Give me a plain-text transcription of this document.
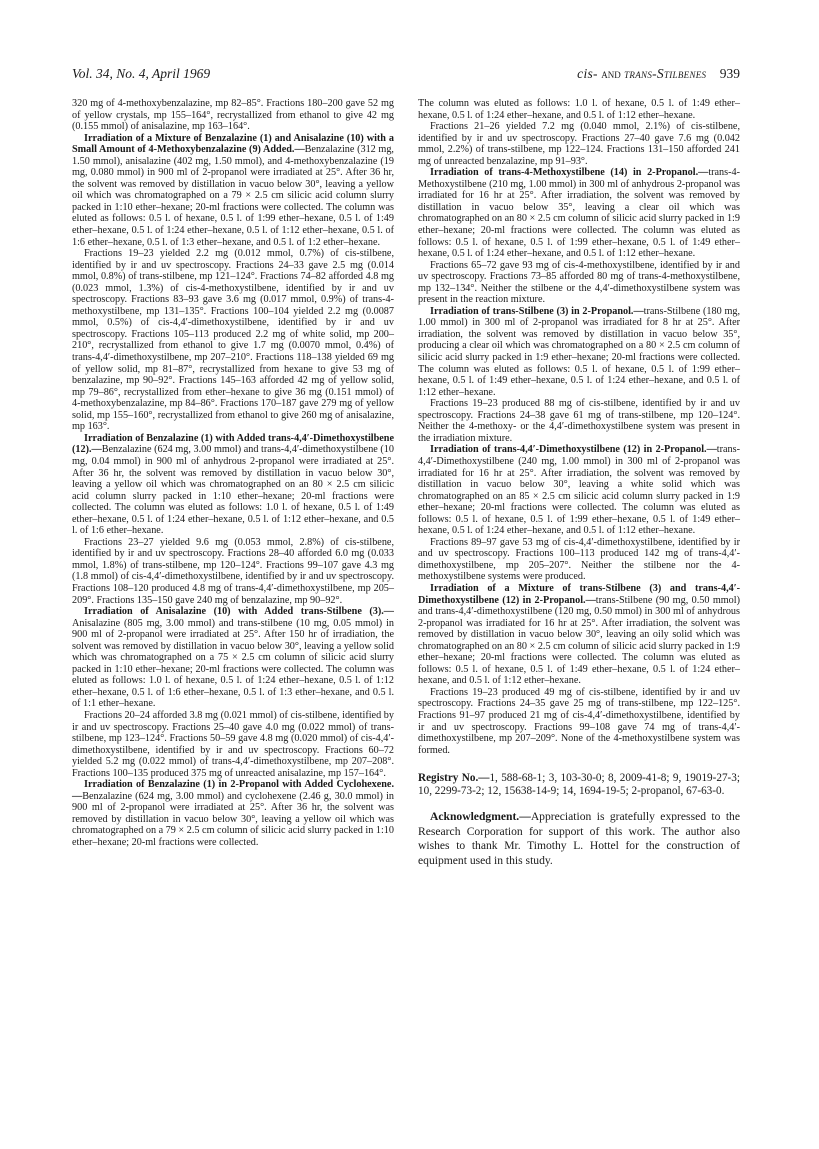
Vol. 34, No. 4, April 1969	cis- and trans-Stilbenes 939

320 mg of 4-methoxybenzalazine, mp 82–85°. Fractions 180–200 gave 52 mg of yellow crystals, mp 155–164°, recrystallized from ethanol to give 42 mg (0.155 mmol) of anisalazine, mp 163–164°.

Irradiation of a Mixture of Benzalazine (1) and Anisalazine (10) with a Small Amount of 4-Methoxybenzalazine (9) Added.—Benzalazine (312 mg, 1.50 mmol), anisalazine (402 mg, 1.50 mmol), and 4-methoxybenzalazine (19 mg, 0.080 mmol) in 900 ml of 2-propanol were irradiated at 25°. After 36 hr, the solvent was removed by distillation in vacuo below 30°, leaving a yellow oil which was chromatographed on a 79 × 2.5 cm silicic acid column slurry packed in 1:10 ether–hexane; 20-ml fractions were collected. The column was eluted as follows: 0.5 l. of hexane, 0.5 l. of 1:99 ether–hexane, 0.5 l. of 1:49 ether–hexane, 0.5 l. of 1:24 ether–hexane, 0.5 l. of 1:12 ether–hexane, 0.5 l. of 1:6 ether–hexane, 0.5 l. of 1:3 ether–hexane, and 0.5 l. of 1:2 ether–hexane.

Fractions 19–23 yielded 2.2 mg (0.012 mmol, 0.7%) of cis-stilbene, identified by ir and uv spectroscopy. Fractions 24–33 gave 2.5 mg (0.014 mmol, 0.8%) of trans-stilbene, mp 121–124°. Fractions 74–82 afforded 4.8 mg (0.023 mmol, 1.3%) of cis-4-methoxystilbene, identified by ir and uv spectroscopy. Fractions 83–93 gave 3.6 mg (0.017 mmol, 0.9%) of trans-4-methoxystilbene, mp 131–135°. Fractions 100–104 yielded 2.2 mg (0.0087 mmol, 0.5%) of cis-4,4′-dimethoxystilbene, identified by ir and uv spectroscopy. Fractions 105–113 produced 2.2 mg of white solid, mp 200–210°, recrystallized from ethanol to give 1.7 mg (0.0070 mmol, 0.4%) of trans-4,4′-dimethoxystilbene, mp 207–210°. Fractions 118–138 yielded 69 mg of yellow solid, mp 81–87°, recrystallized from hexane to give 53 mg of benzalazine, mp 90–92°. Fractions 145–163 afforded 42 mg of yellow solid, mp 79–86°, recrystallized from ether–hexane to give 36 mg (0.151 mmol) of 4-methoxybenzalazine, mp 84–86°. Fractions 170–187 gave 279 mg of yellow solid, mp 155–160°, recrystallized from ethanol to give 260 mg of anisalazine, mp 163°.

Irradiation of Benzalazine (1) with Added trans-4,4′-Dimethoxystilbene (12).—Benzalazine (624 mg, 3.00 mmol) and trans-4,4′-dimethoxystilbene (10 mg, 0.04 mmol) in 900 ml of anhydrous 2-propanol were irradiated at 25°. After 36 hr, the solvent was removed by distillation in vacuo below 30°, leaving a yellow oil which was chromatographed on an 80 × 2.5 cm silicic acid column slurry packed in 1:10 ether–hexane; 20-ml fractions were collected. The column was eluted as follows: 1.0 l. of hexane, 0.5 l. of 1:49 ether–hexane, 0.5 l. of 1:24 ether–hexane, 0.5 l. of 1:12 ether–hexane, and 0.5 l. of 1:6 ether–hexane.

Fractions 23–27 yielded 9.6 mg (0.053 mmol, 2.8%) of cis-stilbene, identified by ir and uv spectroscopy. Fractions 28–40 afforded 6.0 mg (0.033 mmol, 1.8%) of trans-stilbene, mp 120–124°. Fractions 99–107 gave 4.3 mg (1.8 mmol) of cis-4,4′-dimethoxystilbene, identified by ir and uv spectroscopy. Fractions 108–120 produced 4.8 mg of trans-4,4′-dimethoxystilbene, mp 205–209°. Fractions 135–150 gave 240 mg of benzalazine, mp 90–92°.

Irradiation of Anisalazine (10) with Added trans-Stilbene (3).—Anisalazine (805 mg, 3.00 mmol) and trans-stilbene (10 mg, 0.05 mmol) in 900 ml of 2-propanol were irradiated at 25°. After 150 hr of irradiation, the solvent was removed by distillation in vacuo below 30°, leaving a yellow solid which was chromatographed on a 75 × 2.5 cm column of silicic acid slurry packed in 1:10 ether–hexane; 20-ml fractions were collected. The column was eluted as follows: 1.0 l. of hexane, 0.5 l. of 1:24 ether–hexane, 0.5 l. of 1:12 ether–hexane, 0.5 l. of 1:6 ether–hexane, 0.5 l. of 1:3 ether–hexane, and 0.5 l. of 1:1 ether–hexane.

Fractions 20–24 afforded 3.8 mg (0.021 mmol) of cis-stilbene, identified by ir and uv spectroscopy. Fractions 25–40 gave 4.0 mg (0.022 mmol) of trans-stilbene, mp 123–124°. Fractions 50–59 gave 4.8 mg (0.020 mmol) of cis-4,4′-dimethoxystilbene, identified by ir and uv spectroscopy. Fractions 60–72 yielded 5.2 mg (0.022 mmol) of trans-4,4′-dimethoxystilbene, mp 207–208°. Fractions 100–135 produced 375 mg of unreacted anisalazine, mp 157–164°.

Irradiation of Benzalazine (1) in 2-Propanol with Added Cyclohexene.—Benzalazine (624 mg, 3.00 mmol) and cyclohexene (2.46 g, 30.0 mmol) in 900 ml of 2-propanol were irradiated at 25°. After 36 hr, the solvent was removed by distillation in vacuo below 30°, leaving a yellow oil which was chromatographed on a 79 × 2.5 cm column of silicic acid slurry packed in 1:10 ether–hexane; 20-ml fractions were collected.

The column was eluted as follows: 1.0 l. of hexane, 0.5 l. of 1:49 ether–hexane, 0.5 l. of 1:24 ether–hexane, and 0.5 l. of 1:12 ether–hexane.

Fractions 21–26 yielded 7.2 mg (0.040 mmol, 2.1%) of cis-stilbene, identified by ir and uv spectroscopy. Fractions 27–40 gave 7.6 mg (0.042 mmol, 2.2%) of trans-stilbene, mp 122–124. Fractions 131–150 afforded 241 mg of unreacted benzalazine, mp 91–93°.

Irradiation of trans-4-Methoxystilbene (14) in 2-Propanol.—trans-4-Methoxystilbene (210 mg, 1.00 mmol) in 300 ml of anhydrous 2-propanol was irradiated for 16 hr at 25°. After irradiation, the solvent was removed by distillation in vacuo below 35°, leaving a clear oil which was chromatographed on an 80 × 2.5 cm column of silicic acid slurry packed in 1:9 ether–hexane; 20-ml fractions were collected. The column was eluted as follows: 0.5 l. of hexane, 0.5 l. of 1:99 ether–hexane, 0.5 l. of 1:49 ether–hexane, 0.5 l. of 1:24 ether–hexane, and 0.5 l. of 1:12 ether–hexane.

Fractions 65–72 gave 93 mg of cis-4-methoxystilbene, identified by ir and uv spectroscopy. Fractions 73–85 afforded 80 mg of trans-4-methoxystilbene, mp 132–134°. Neither the stilbene or the 4,4′-dimethoxystilbene system was present in the reaction mixture.

Irradiation of trans-Stilbene (3) in 2-Propanol.—trans-Stilbene (180 mg, 1.00 mmol) in 300 ml of 2-propanol was irradiated for 8 hr at 25°. After irradiation, the solvent was removed by distillation in vacuo below 35°, producing a clear oil which was chromatographed on a 80 × 2.5 cm column of silicic acid slurry packed in 1:9 ether–hexane; 20-ml fractions were collected. The column was eluted as follows: 0.5 l. of hexane, 0.5 l. of 1:99 ether–hexane, 0.5 l. of 1:49 ether–hexane, 0.5 l. of 1:24 ether–hexane, and 0.5 l. of 1:12 ether–hexane.

Fractions 19–23 produced 88 mg of cis-stilbene, identified by ir and uv spectroscopy. Fractions 24–38 gave 61 mg of trans-stilbene, mp 120–124°. Neither the 4-methoxy- or the 4,4′-dimethoxystilbene system was present in the irradiation mixture.

Irradiation of trans-4,4′-Dimethoxystilbene (12) in 2-Propanol.—trans-4,4′-Dimethoxystilbene (240 mg, 1.00 mmol) in 300 ml of 2-propanol was irradiated for 16 hr at 25°. After irradiation, the solvent was removed by distillation in vacuo below 30°, leaving a white solid which was chromatographed on an 85 × 2.5 cm silicic acid column slurry packed in 1:9 ether–hexane; 20-ml fractions were collected. The column was eluted as follows: 0.5 l. of hexane, 0.5 l. of 1:99 ether–hexane, 0.5 l. of 1:49 ether–hexane, 0.5 l. of 1:24 ether–hexane, and 0.5 l. of 1:12 ether–hexane.

Fractions 89–97 gave 53 mg of cis-4,4′-dimethoxystilbene, identified by ir and uv spectroscopy. Fractions 100–113 produced 142 mg of trans-4,4′-dimethoxystilbene, mp 205–207°. Neither the stilbene nor the 4-methoxystilbene systems were produced.

Irradiation of a Mixture of trans-Stilbene (3) and trans-4,4′-Dimethoxystilbene (12) in 2-Propanol.—trans-Stilbene (90 mg, 0.50 mmol) and trans-4,4′-dimethoxystilbene (120 mg, 0.50 mmol) in 300 ml of anhydrous 2-propanol was irradiated for 16 hr at 25°. After irradiation, the solvent was removed by distillation in vacuo below 30°, leaving an oily solid which was chromatographed on an 80 × 2.5 cm column of silicic acid slurry packed in 1:9 ether–hexane; 20-ml fractions were collected. The column was eluted as follows: 0.5 l. of hexane, 0.5 l. of 1:49 ether–hexane, 0.5 l. of 1:24 ether–hexane, and 0.5 l. of 1:12 ether–hexane.

Fractions 19–23 produced 49 mg of cis-stilbene, identified by ir and uv spectroscopy. Fractions 24–35 gave 25 mg of trans-stilbene, mp 122–125°. Fractions 91–97 produced 21 mg of cis-4,4′-dimethoxystilbene, identified by ir and uv spectroscopy. Fractions 99–108 gave 74 mg of trans-4,4′-dimethoxystilbene, mp 207–209°. None of the 4-methoxystilbene system was formed.

Registry No.—1, 588-68-1; 3, 103-30-0; 8, 2009-41-8; 9, 19019-27-3; 10, 2299-73-2; 12, 15638-14-9; 14, 1694-19-5; 2-propanol, 67-63-0.

Acknowledgment.—Appreciation is gratefully expressed to the Research Corporation for support of this work. The author also wishes to thank Mr. Timothy L. Hottel for the construction of equipment used in this study.
